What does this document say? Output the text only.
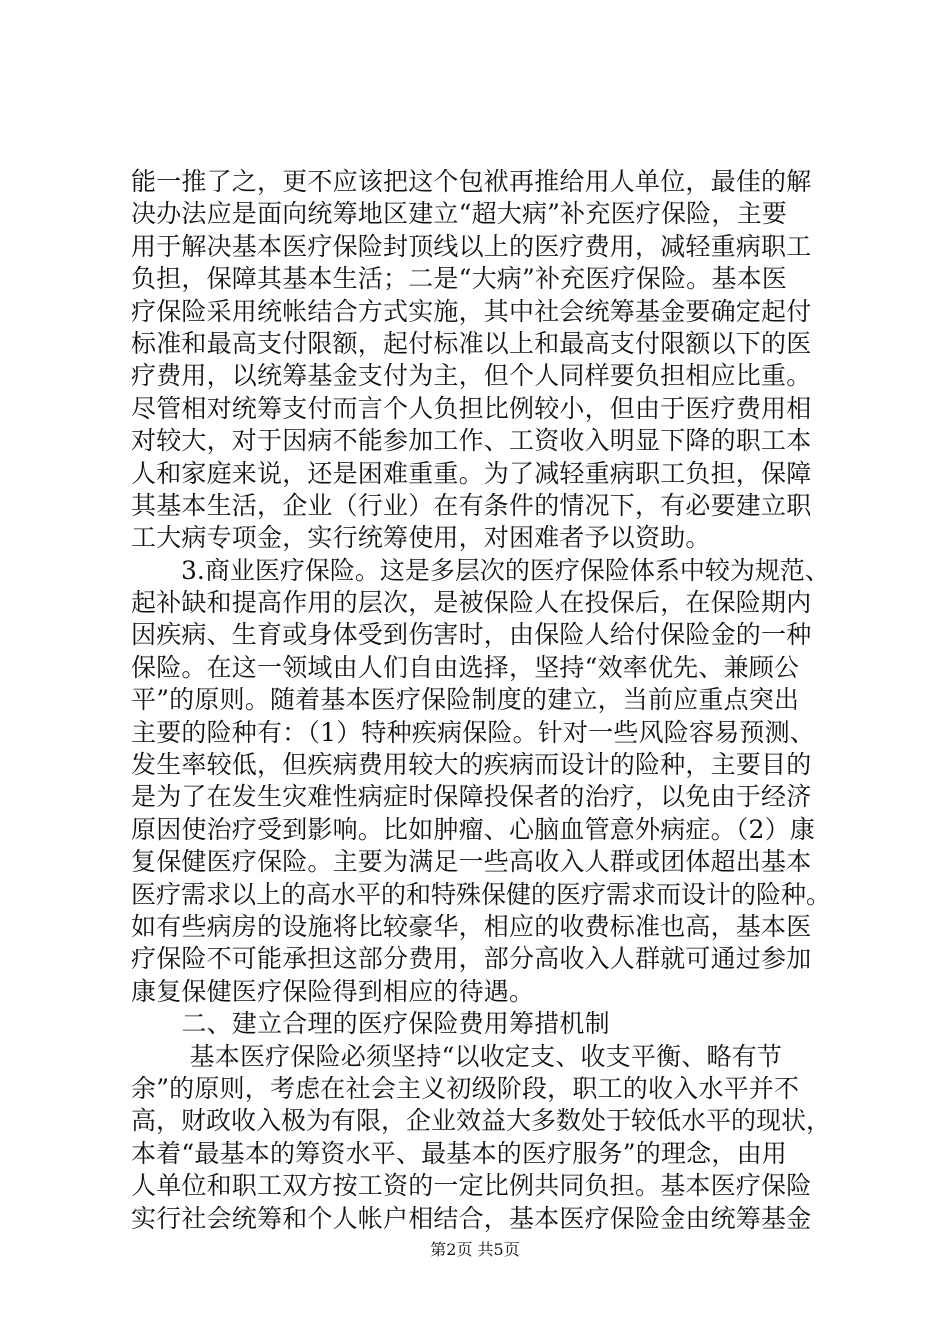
能一推了之，更不应该把这个包袱再推给用人单位，最佳的解
决办法应是面向统筹地区建立“超大病”补充医疗保险，主要
用于解决基本医疗保险封顶线以上的医疗费用，减轻重病职工
负担，保障其基本生活；二是“大病”补充医疗保险。基本医
疗保险采用统帐结合方式实施，其中社会统筹基金要确定起付
标准和最高支付限额，起付标准以上和最高支付限额以下的医
疗费用，以统筹基金支付为主，但个人同样要负担相应比重。
尽管相对统筹支付而言个人负担比例较小，但由于医疗费用相
对较大，对于因病不能参加工作、工资收入明显下降的职工本
人和家庭来说，还是困难重重。为了减轻重病职工负担，保障
其基本生活，企业（行业）在有条件的情况下，有必要建立职
工大病专项金，实行统筹使用，对困难者予以资助。
　　3.商业医疗保险。这是多层次的医疗保险体系中较为规范、
起补缺和提高作用的层次，是被保险人在投保后，在保险期内
因疾病、生育或身体受到伤害时，由保险人给付保险金的一种
保险。在这一领域由人们自由选择，坚持“效率优先、兼顾公
平”的原则。随着基本医疗保险制度的建立，当前应重点突出
主要的险种有：（1）特种疾病保险。针对一些风险容易预测、
发生率较低，但疾病费用较大的疾病而设计的险种，主要目的
是为了在发生灾难性病症时保障投保者的治疗，以免由于经济
原因使治疗受到影响。比如肿瘤、心脑血管意外病症。（2）康
复保健医疗保险。主要为满足一些高收入人群或团体超出基本
医疗需求以上的高水平的和特殊保健的医疗需求而设计的险种。
如有些病房的设施将比较豪华，相应的收费标准也高，基本医
疗保险不可能承担这部分费用，部分高收入人群就可通过参加
康复保健医疗保险得到相应的待遇。
　　二、建立合理的医疗保险费用筹措机制
　　 基本医疗保险必须坚持“以收定支、收支平衡、略有节
余”的原则，考虑在社会主义初级阶段，职工的收入水平并不
高，财政收入极为有限，企业效益大多数处于较低水平的现状，
本着“最基本的筹资水平、最基本的医疗服务”的理念，由用
人单位和职工双方按工资的一定比例共同负担。基本医疗保险
实行社会统筹和个人帐户相结合，基本医疗保险金由统筹基金
第2页 共5页
